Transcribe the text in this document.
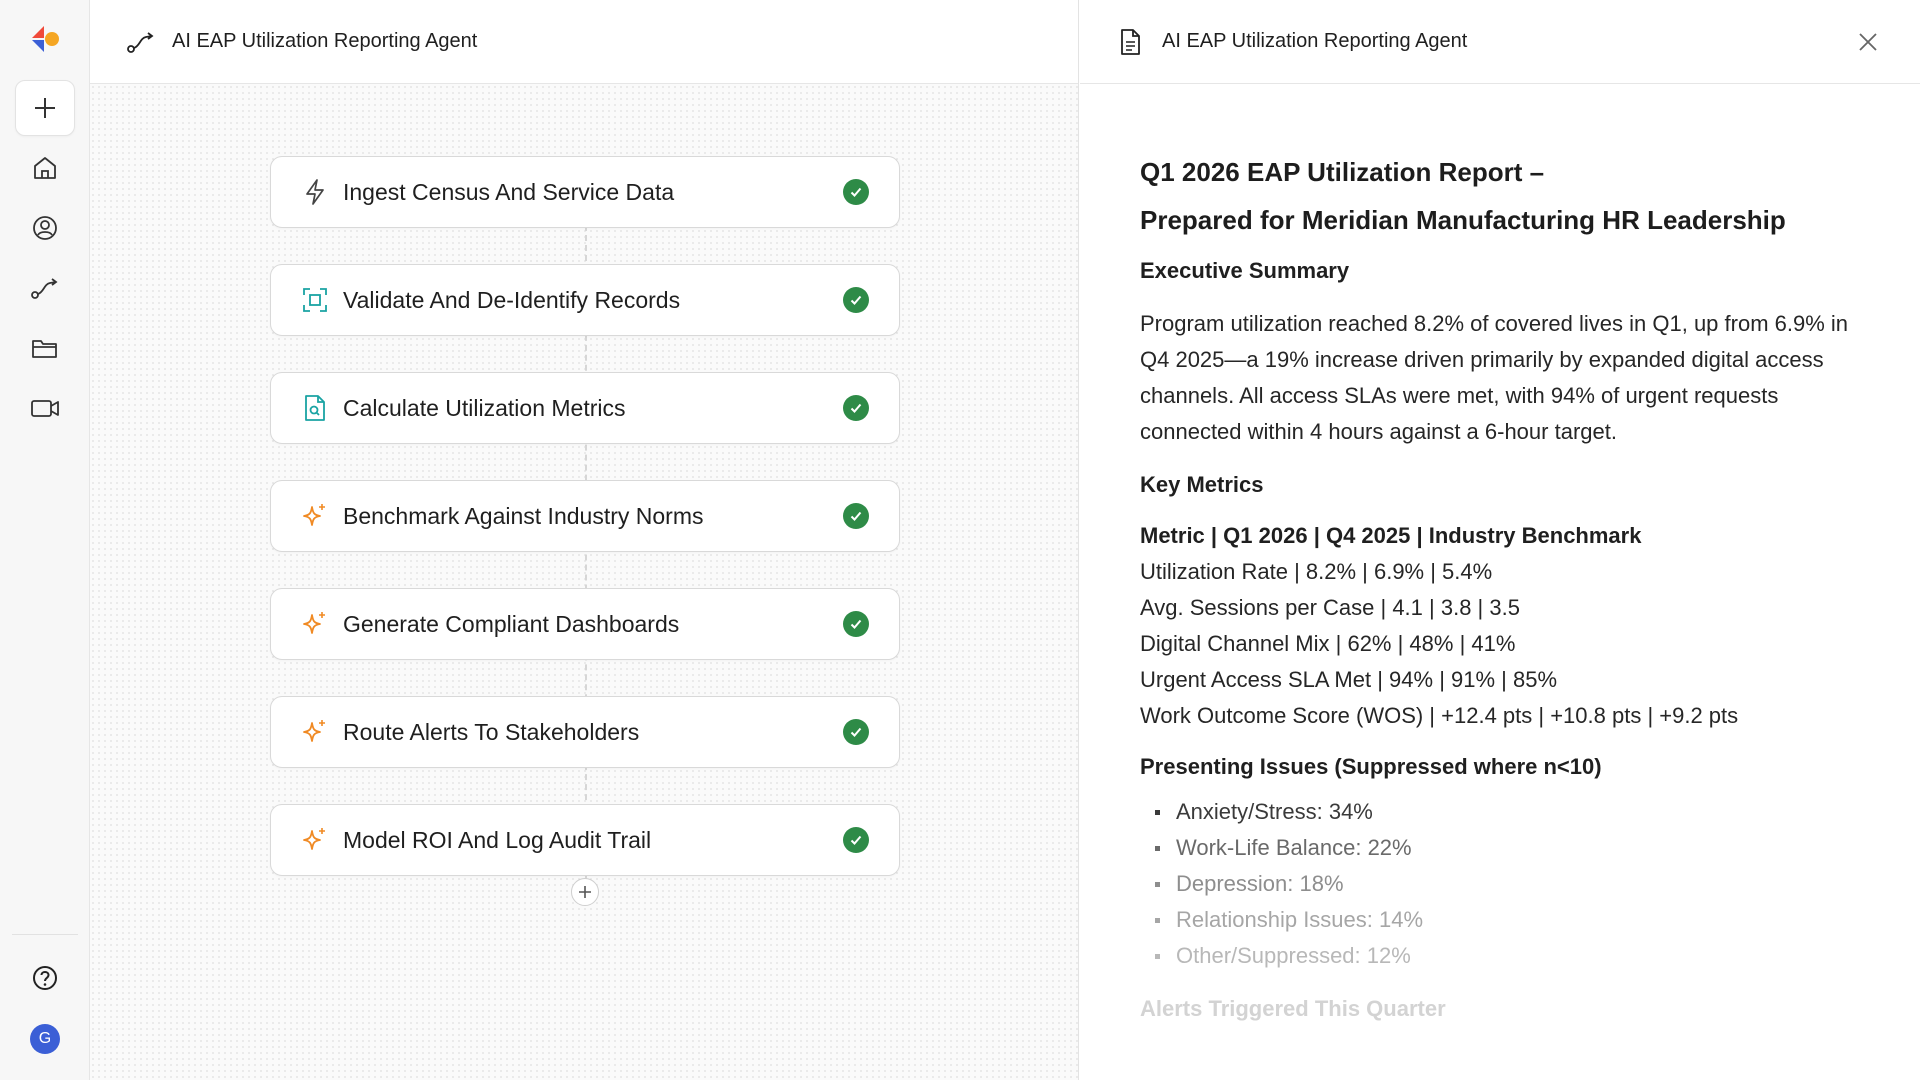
G
AI EAP Utilization Reporting Agent
Ingest Census And Service Data
Validate And De-Identify Records
Calculate Utilization Metrics
Benchmark Against Industry Norms
Generate Compliant Dashboards
Route Alerts To Stakeholders
Model ROI And Log Audit Trail
AI EAP Utilization Reporting Agent
Q1 2026 EAP Utilization Report –
Prepared for Meridian Manufacturing HR Leadership
Executive Summary

Program utilization reached 8.2% of covered lives in Q1, up from 6.9% in Q4 2025—a 19% increase driven primarily by expanded digital access channels. All access SLAs were met, with 94% of urgent requests connected within 4 hours against a 6-hour target.

Key Metrics
Metric | Q1 2026 | Q4 2025 | Industry Benchmark
Utilization Rate | 8.2% | 6.9% | 5.4%
Avg. Sessions per Case | 4.1 | 3.8 | 3.5
Digital Channel Mix | 62% | 48% | 41%
Urgent Access SLA Met | 94% | 91% | 85%
Work Outcome Score (WOS) | +12.4 pts | +10.8 pts | +9.2 pts
Presenting Issues (Suppressed where n<10)
Anxiety/Stress: 34%
Work-Life Balance: 22%
Depression: 18%
Relationship Issues: 14%
Other/Suppressed: 12%
Alerts Triggered This Quarter
